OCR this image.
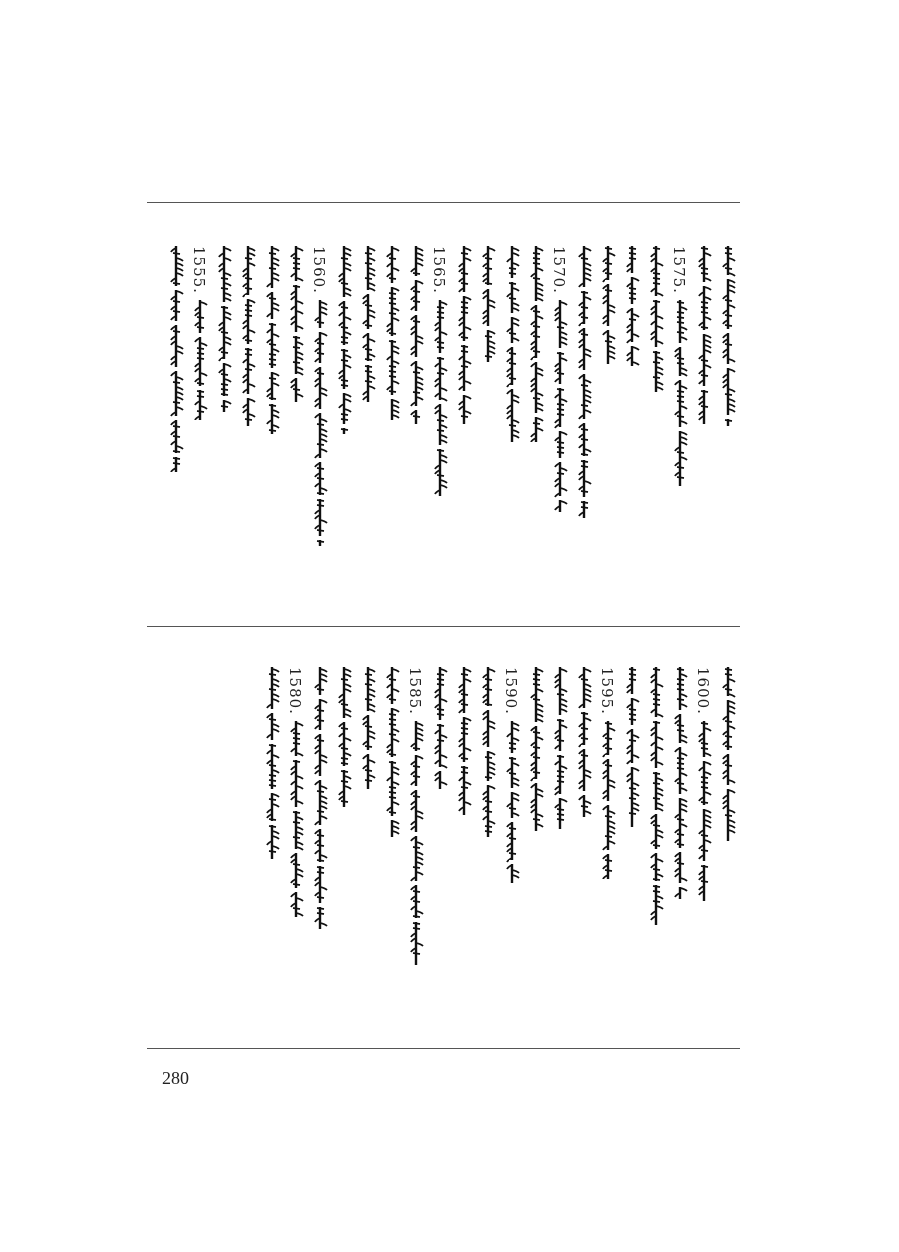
1575.
1570.
1565.
1560.
1555.
1600.
1595.
1590.
1585.
1580.
280
